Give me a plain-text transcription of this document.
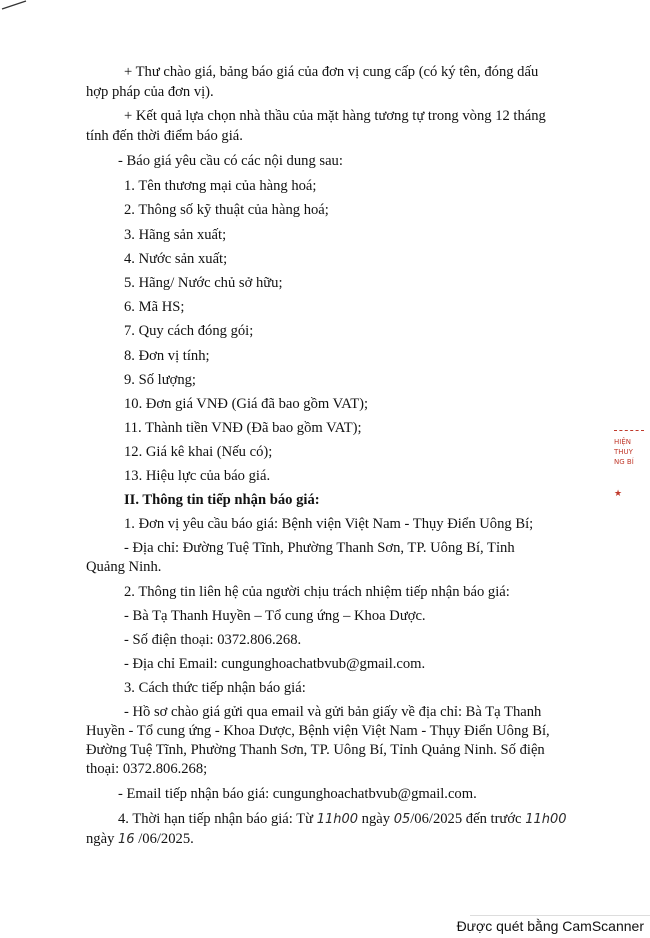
+ Thư chào giá, bảng báo giá của đơn vị cung cấp (có ký tên, đóng dấu
hợp pháp của đơn vị).
+ Kết quả lựa chọn nhà thầu của mặt hàng tương tự trong vòng 12 tháng
tính đến thời điểm báo giá.
- Báo giá yêu cầu có các nội dung sau:
1. Tên thương mại của hàng hoá;
2. Thông số kỹ thuật của hàng hoá;
3. Hãng sản xuất;
4. Nước sản xuất;
5. Hãng/ Nước chủ sở hữu;
6. Mã HS;
7. Quy cách đóng gói;
8. Đơn vị tính;
9. Số lượng;
10. Đơn giá VNĐ (Giá đã bao gồm VAT);
11. Thành tiền VNĐ (Đã bao gồm VAT);
12. Giá kê khai (Nếu có);
13. Hiệu lực của báo giá.
II. Thông tin tiếp nhận báo giá:
1. Đơn vị yêu cầu báo giá: Bệnh viện Việt Nam - Thụy Điển Uông Bí;
- Địa chỉ: Đường Tuệ Tĩnh, Phường Thanh Sơn, TP. Uông Bí, Tỉnh
Quảng Ninh.
2. Thông tin liên hệ của người chịu trách nhiệm tiếp nhận báo giá:
- Bà Tạ Thanh Huyền – Tổ cung ứng – Khoa Dược.
- Số điện thoại: 0372.806.268.
- Địa chỉ Email: cungunghoachatbvub@gmail.com.
3. Cách thức tiếp nhận báo giá:
- Hồ sơ chào giá gửi qua email và gửi bản giấy về địa chỉ: Bà Tạ Thanh
Huyền - Tổ cung ứng - Khoa Dược, Bệnh viện Việt Nam - Thụy Điển Uông Bí,
Đường Tuệ Tĩnh, Phường Thanh Sơn, TP. Uông Bí, Tỉnh Quảng Ninh. Số điện
thoại: 0372.806.268;
- Email tiếp nhận báo giá: cungunghoachatbvub@gmail.com.
4. Thời hạn tiếp nhận báo giá: Từ 11h00 ngày 05/06/2025 đến trước 11h00
ngày 16 /06/2025.
HIỆN
THUY
NG BÍ
★
Được quét bằng CamScanner
